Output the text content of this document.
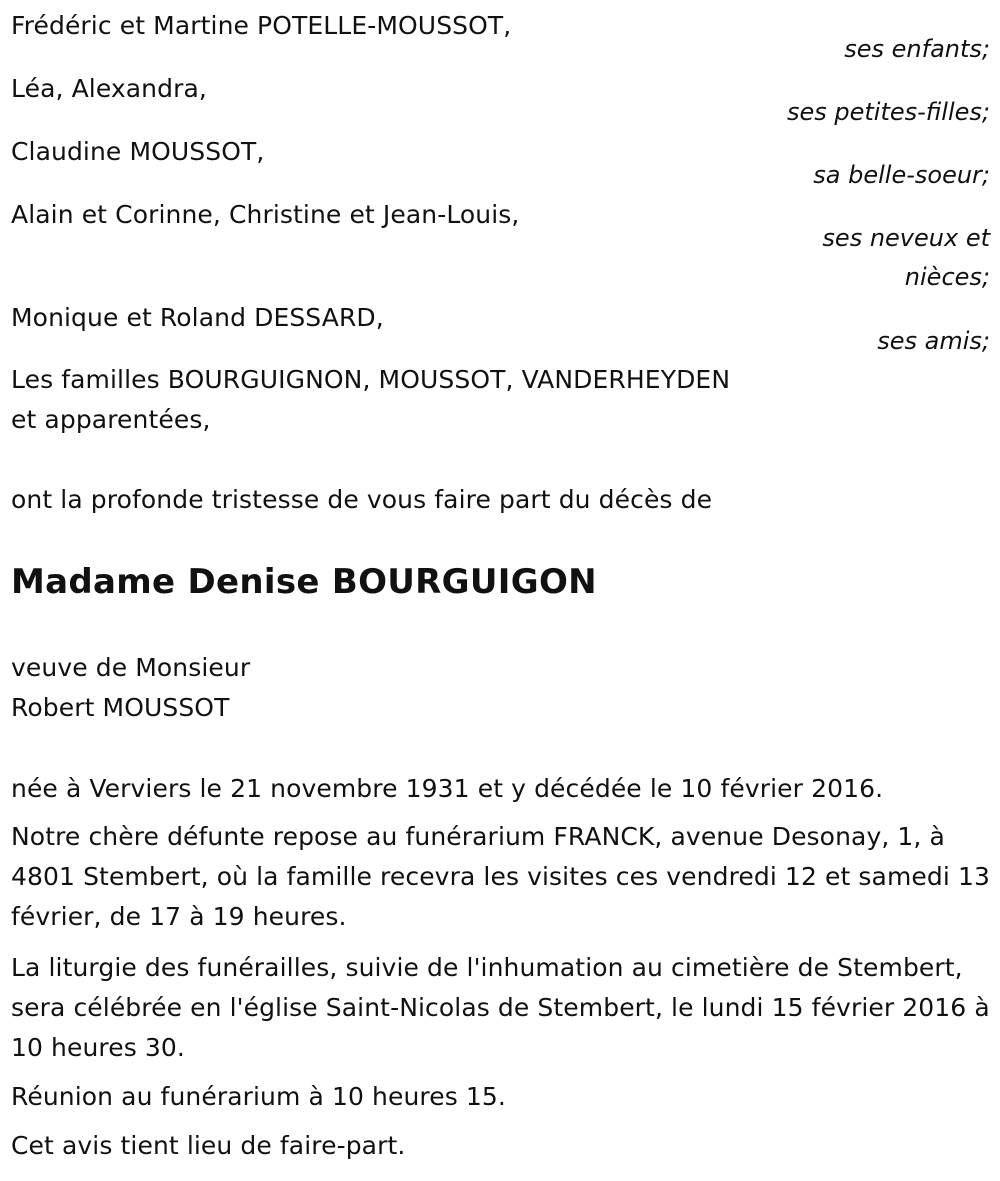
Frédéric et Martine POTELLE-MOUSSOT,
ses enfants;
Léa, Alexandra,
ses petites-filles;
Claudine MOUSSOT,
sa belle-soeur;
Alain et Corinne, Christine et Jean-Louis,
ses neveux et
nièces;
Monique et Roland DESSARD,
ses amis;
Les familles BOURGUIGNON, MOUSSOT, VANDERHEYDEN
et apparentées,
ont la profonde tristesse de vous faire part du décès de
Madame Denise BOURGUIGON
veuve de Monsieur
Robert MOUSSOT
née à Verviers le 21 novembre 1931 et y décédée le 10 février 2016.
Notre chère défunte repose au funérarium FRANCK, avenue Desonay, 1, à 4801 Stembert, où la famille recevra les visites ces vendredi 12 et samedi 13 février, de 17 à 19 heures.
La liturgie des funérailles, suivie de l'inhumation au cimetière de Stembert, sera célébrée en l'église Saint-Nicolas de Stembert, le lundi 15 février 2016 à 10 heures 30.
Réunion au funérarium à 10 heures 15.
Cet avis tient lieu de faire-part.
